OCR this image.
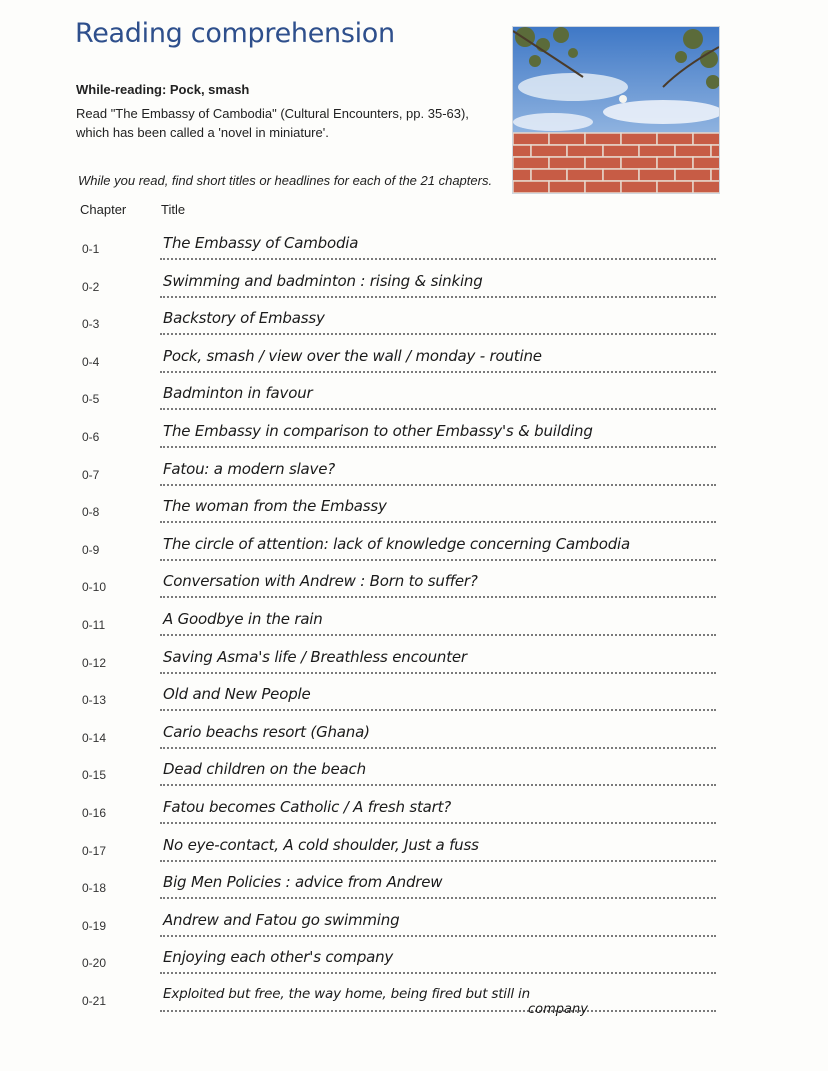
Reading comprehension
While-reading: Pock, smash
Read "The Embassy of Cambodia" (Cultural Encounters, pp. 35-63),
which has been called a 'novel in miniature'.
While you read, find short titles or headlines for each of the 21 chapters.
Chapter	Title
0-1	The Embassy of Cambodia
0-2	Swimming and badminton : rising & sinking
0-3	Backstory of Embassy
0-4	Pock, smash / view over the wall / monday - routine
0-5	Badminton in favour
0-6	The Embassy in comparison to other Embassy's & building
0-7	Fatou: a modern slave?
0-8	The woman from the Embassy
0-9	The circle of attention: lack of knowledge concerning Cambodia
0-10	Conversation with Andrew : Born to suffer?
0-11	A Goodbye in the rain
0-12	Saving Asma's life / Breathless encounter
0-13	Old and New People
0-14	Cario beachs resort (Ghana)
0-15	Dead children on the beach
0-16	Fatou becomes Catholic / A fresh start?
0-17	No eye-contact, A cold shoulder, Just a fuss
0-18	Big Men Policies : advice from Andrew
0-19	Andrew and Fatou go swimming
0-20	Enjoying each other's company
0-21	Exploited but free, the way home, being fired but still in
company
